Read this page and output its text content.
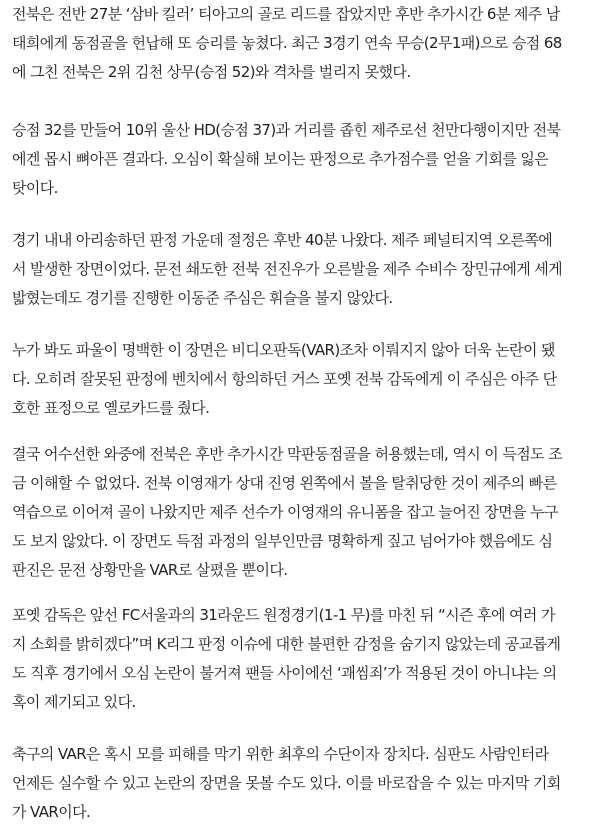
전북은 전반 27분 ‘삼바 킬러’ 티아고의 골로 리드를 잡았지만 후반 추가시간 6분 제주 남
태희에게 동점골을 헌납해 또 승리를 놓쳤다. 최근 3경기 연속 무승(2무1패)으로 승점 68
에 그친 전북은 2위 김천 상무(승점 52)와 격차를 벌리지 못했다.
승점 32를 만들어 10위 울산 HD(승점 37)과 거리를 좁힌 제주로선 천만다행이지만 전북
에겐 몹시 뼈아픈 결과다. 오심이 확실해 보이는 판정으로 추가점수를 얻을 기회를 잃은
탓이다.
경기 내내 아리송하던 판정 가운데 절정은 후반 40분 나왔다. 제주 페널티지역 오른쪽에
서 발생한 장면이었다. 문전 쇄도한 전북 전진우가 오른발을 제주 수비수 장민규에게 세게
밟혔는데도 경기를 진행한 이동준 주심은 휘슬을 불지 않았다.
누가 봐도 파울이 명백한 이 장면은 비디오판독(VAR)조차 이뤄지지 않아 더욱 논란이 됐
다. 오히려 잘못된 판정에 벤치에서 항의하던 거스 포옛 전북 감독에게 이 주심은 아주 단
호한 표정으로 옐로카드를 줬다.
결국 어수선한 와중에 전북은 후반 추가시간 막판동점골을 허용했는데, 역시 이 득점도 조
금 이해할 수 없었다. 전북 이영재가 상대 진영 왼쪽에서 볼을 탈취당한 것이 제주의 빠른
역습으로 이어져 골이 나왔지만 제주 선수가 이영재의 유니폼을 잡고 늘어진 장면을 누구
도 보지 않았다. 이 장면도 득점 과정의 일부인만큼 명확하게 짚고 넘어가야 했음에도 심
판진은 문전 상황만을 VAR로 살폈을 뿐이다.
포옛 감독은 앞선 FC서울과의 31라운드 원정경기(1-1 무)를 마친 뒤 “시즌 후에 여러 가
지 소회를 밝히겠다”며 K리그 판정 이슈에 대한 불편한 감정을 숨기지 않았는데 공교롭게
도 직후 경기에서 오심 논란이 불거져 팬들 사이에선 ‘괘씸죄’가 적용된 것이 아니냐는 의
혹이 제기되고 있다.
축구의 VAR은 혹시 모를 피해를 막기 위한 최후의 수단이자 장치다. 심판도 사람인터라
언제든 실수할 수 있고 논란의 장면을 못볼 수도 있다. 이를 바로잡을 수 있는 마지막 기회
가 VAR이다.
